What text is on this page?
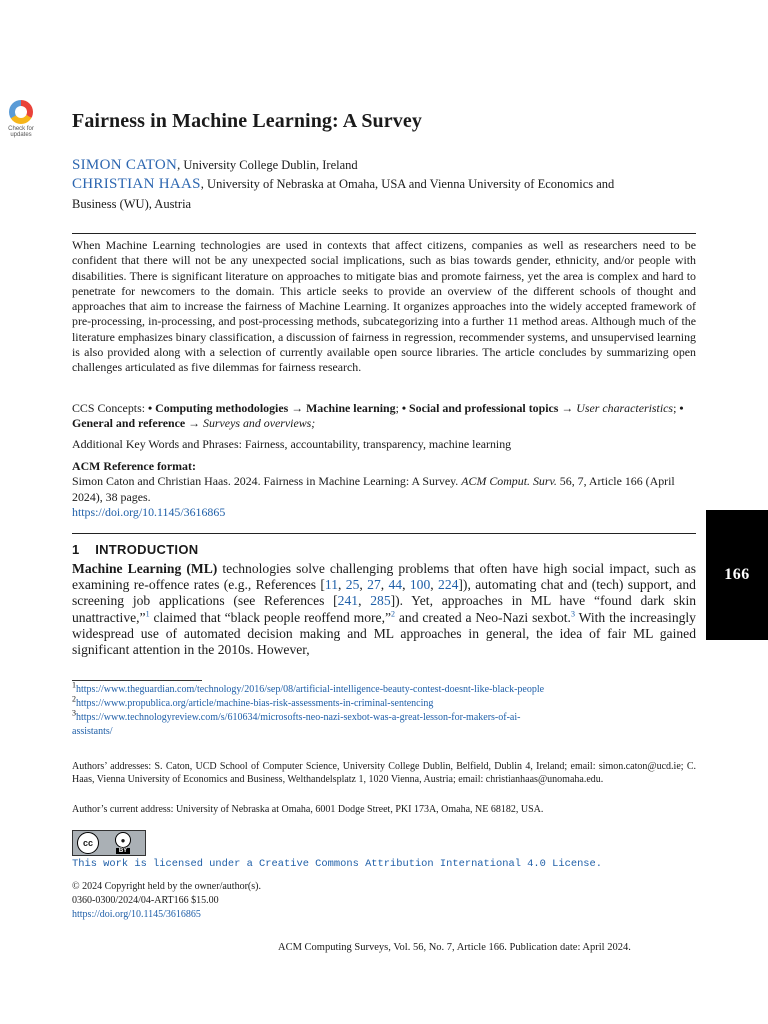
Check for updates
Fairness in Machine Learning: A Survey
SIMON CATON, University College Dublin, Ireland
CHRISTIAN HAAS, University of Nebraska at Omaha, USA and Vienna University of Economics and
Business (WU), Austria
When Machine Learning technologies are used in contexts that affect citizens, companies as well as researchers need to be confident that there will not be any unexpected social implications, such as bias towards gender, ethnicity, and/or people with disabilities. There is significant literature on approaches to mitigate bias and promote fairness, yet the area is complex and hard to penetrate for newcomers to the domain. This article seeks to provide an overview of the different schools of thought and approaches that aim to increase the fairness of Machine Learning. It organizes approaches into the widely accepted framework of pre-processing, in-processing, and post-processing methods, subcategorizing into a further 11 method areas. Although much of the literature emphasizes binary classification, a discussion of fairness in regression, recommender systems, and unsupervised learning is also provided along with a selection of currently available open source libraries. The article concludes by summarizing open challenges articulated as five dilemmas for fairness research.
CCS Concepts: • Computing methodologies → Machine learning; • Social and professional topics → User characteristics; • General and reference → Surveys and overviews;
Additional Key Words and Phrases: Fairness, accountability, transparency, machine learning
ACM Reference format:
Simon Caton and Christian Haas. 2024. Fairness in Machine Learning: A Survey. ACM Comput. Surv. 56, 7, Article 166 (April 2024), 38 pages.
https://doi.org/10.1145/3616865
1 INTRODUCTION
Machine Learning (ML) technologies solve challenging problems that often have high social impact, such as examining re-offence rates (e.g., References [11, 25, 27, 44, 100, 224]), automating chat and (tech) support, and screening job applications (see References [241, 285]). Yet, approaches in ML have “found dark skin unattractive,”$^1$ claimed that “black people reoffend more,”$^2$ and created a Neo-Nazi sexbot.$^3$ With the increasingly widespread use of automated decision making and ML approaches in general, the idea of fair ML gained significant attention in the 2010s. However,
166
$^1$https://www.theguardian.com/technology/2016/sep/08/artificial-intelligence-beauty-contest-doesnt-like-black-people
$^2$https://www.propublica.org/article/machine-bias-risk-assessments-in-criminal-sentencing
$^3$https://www.technologyreview.com/s/610634/microsofts-neo-nazi-sexbot-was-a-great-lesson-for-makers-of-ai-
assistants/
Authors’ addresses: S. Caton, UCD School of Computer Science, University College Dublin, Belfield, Dublin 4, Ireland; email: simon.caton@ucd.ie; C. Haas, Vienna University of Economics and Business, Welthandelsplatz 1, 1020 Vienna, Austria; email: christianhaas@unomaha.edu.
Author’s current address: University of Nebraska at Omaha, 6001 Dodge Street, PKI 173A, Omaha, NE 68182, USA.
cc	●
BY
This work is licensed under a Creative Commons Attribution International 4.0 License.
© 2024 Copyright held by the owner/author(s).
0360-0300/2024/04-ART166 $15.00
https://doi.org/10.1145/3616865
ACM Computing Surveys, Vol. 56, No. 7, Article 166. Publication date: April 2024.
